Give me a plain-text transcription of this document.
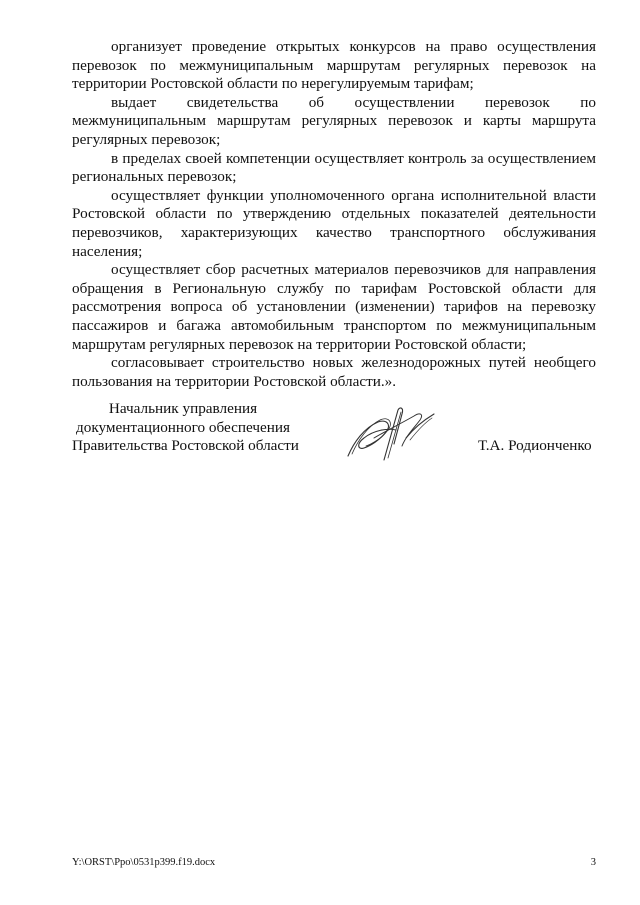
организует проведение открытых конкурсов на право осуществления перевозок по межмуниципальным маршрутам регулярных перевозок на территории Ростовской области по нерегулируемым тарифам;

выдает свидетельства об осуществлении перевозок по межмуниципальным маршрутам регулярных перевозок и карты маршрута регулярных перевозок;

в пределах своей компетенции осуществляет контроль за осуществлением региональных перевозок;

осуществляет функции уполномоченного органа исполнительной власти Ростовской области по утверждению отдельных показателей деятельности перевозчиков, характеризующих качество транспортного обслуживания населения;

осуществляет сбор расчетных материалов перевозчиков для направления обращения в Региональную службу по тарифам Ростовской области для рассмотрения вопроса об установлении (изменении) тарифов на перевозку пассажиров и багажа автомобильным транспортом по межмуниципальным маршрутам регулярных перевозок на территории Ростовской области;

согласовывает строительство новых железнодорожных путей необщего пользования на территории Ростовской области.».

Начальник управления
документационного обеспечения
Правительства Ростовской области	Т.А. Родионченко
Y:\ORST\Ppo\0531p399.f19.docx	3
